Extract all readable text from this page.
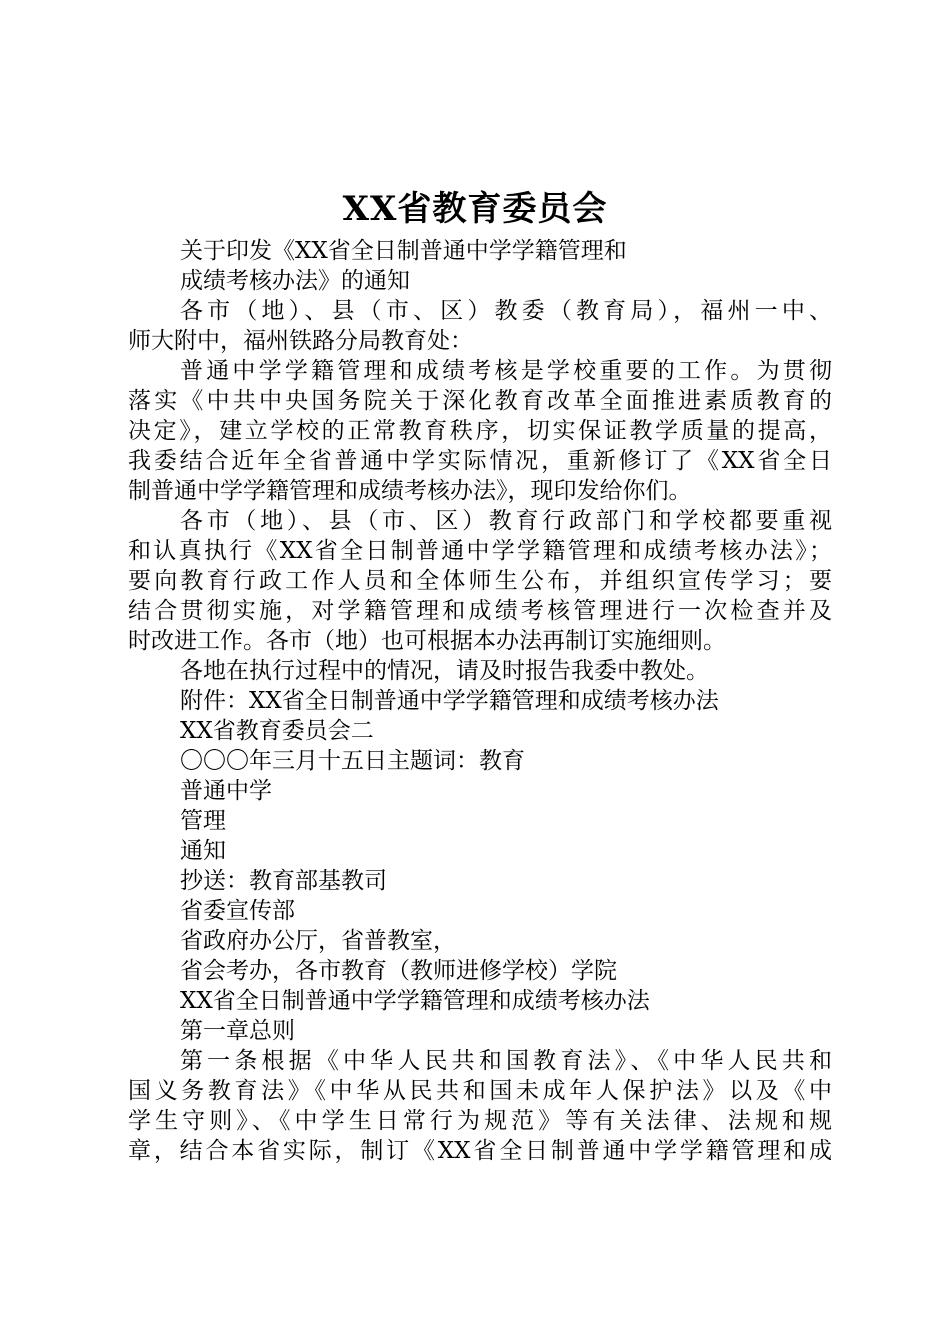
XX省教育委员会

关于印发《XX省全日制普通中学学籍管理和

成绩考核办法》的通知

各市（地）、县（市、区）教委（教育局），福州一中、

师大附中，福州铁路分局教育处：

普通中学学籍管理和成绩考核是学校重要的工作。为贯彻

落实《中共中央国务院关于深化教育改革全面推进素质教育的

决定》，建立学校的正常教育秩序，切实保证教学质量的提高，

我委结合近年全省普通中学实际情况，重新修订了《XX省全日

制普通中学学籍管理和成绩考核办法》，现印发给你们。

各市（地）、县（市、区）教育行政部门和学校都要重视

和认真执行《XX省全日制普通中学学籍管理和成绩考核办法》；

要向教育行政工作人员和全体师生公布，并组织宣传学习；要

结合贯彻实施，对学籍管理和成绩考核管理进行一次检查并及

时改进工作。各市（地）也可根据本办法再制订实施细则。

各地在执行过程中的情况，请及时报告我委中教处。

附件：XX省全日制普通中学学籍管理和成绩考核办法

XX省教育委员会二

〇〇〇年三月十五日主题词：教育

普通中学

管理

通知

抄送：教育部基教司

省委宣传部

省政府办公厅，省普教室，

省会考办，各市教育（教师进修学校）学院

XX省全日制普通中学学籍管理和成绩考核办法

第一章总则

第一条根据《中华人民共和国教育法》、《中华人民共和

国义务教育法》《中华从民共和国未成年人保护法》以及《中

学生守则》、《中学生日常行为规范》等有关法律、法规和规

章，结合本省实际，制订《XX省全日制普通中学学籍管理和成
